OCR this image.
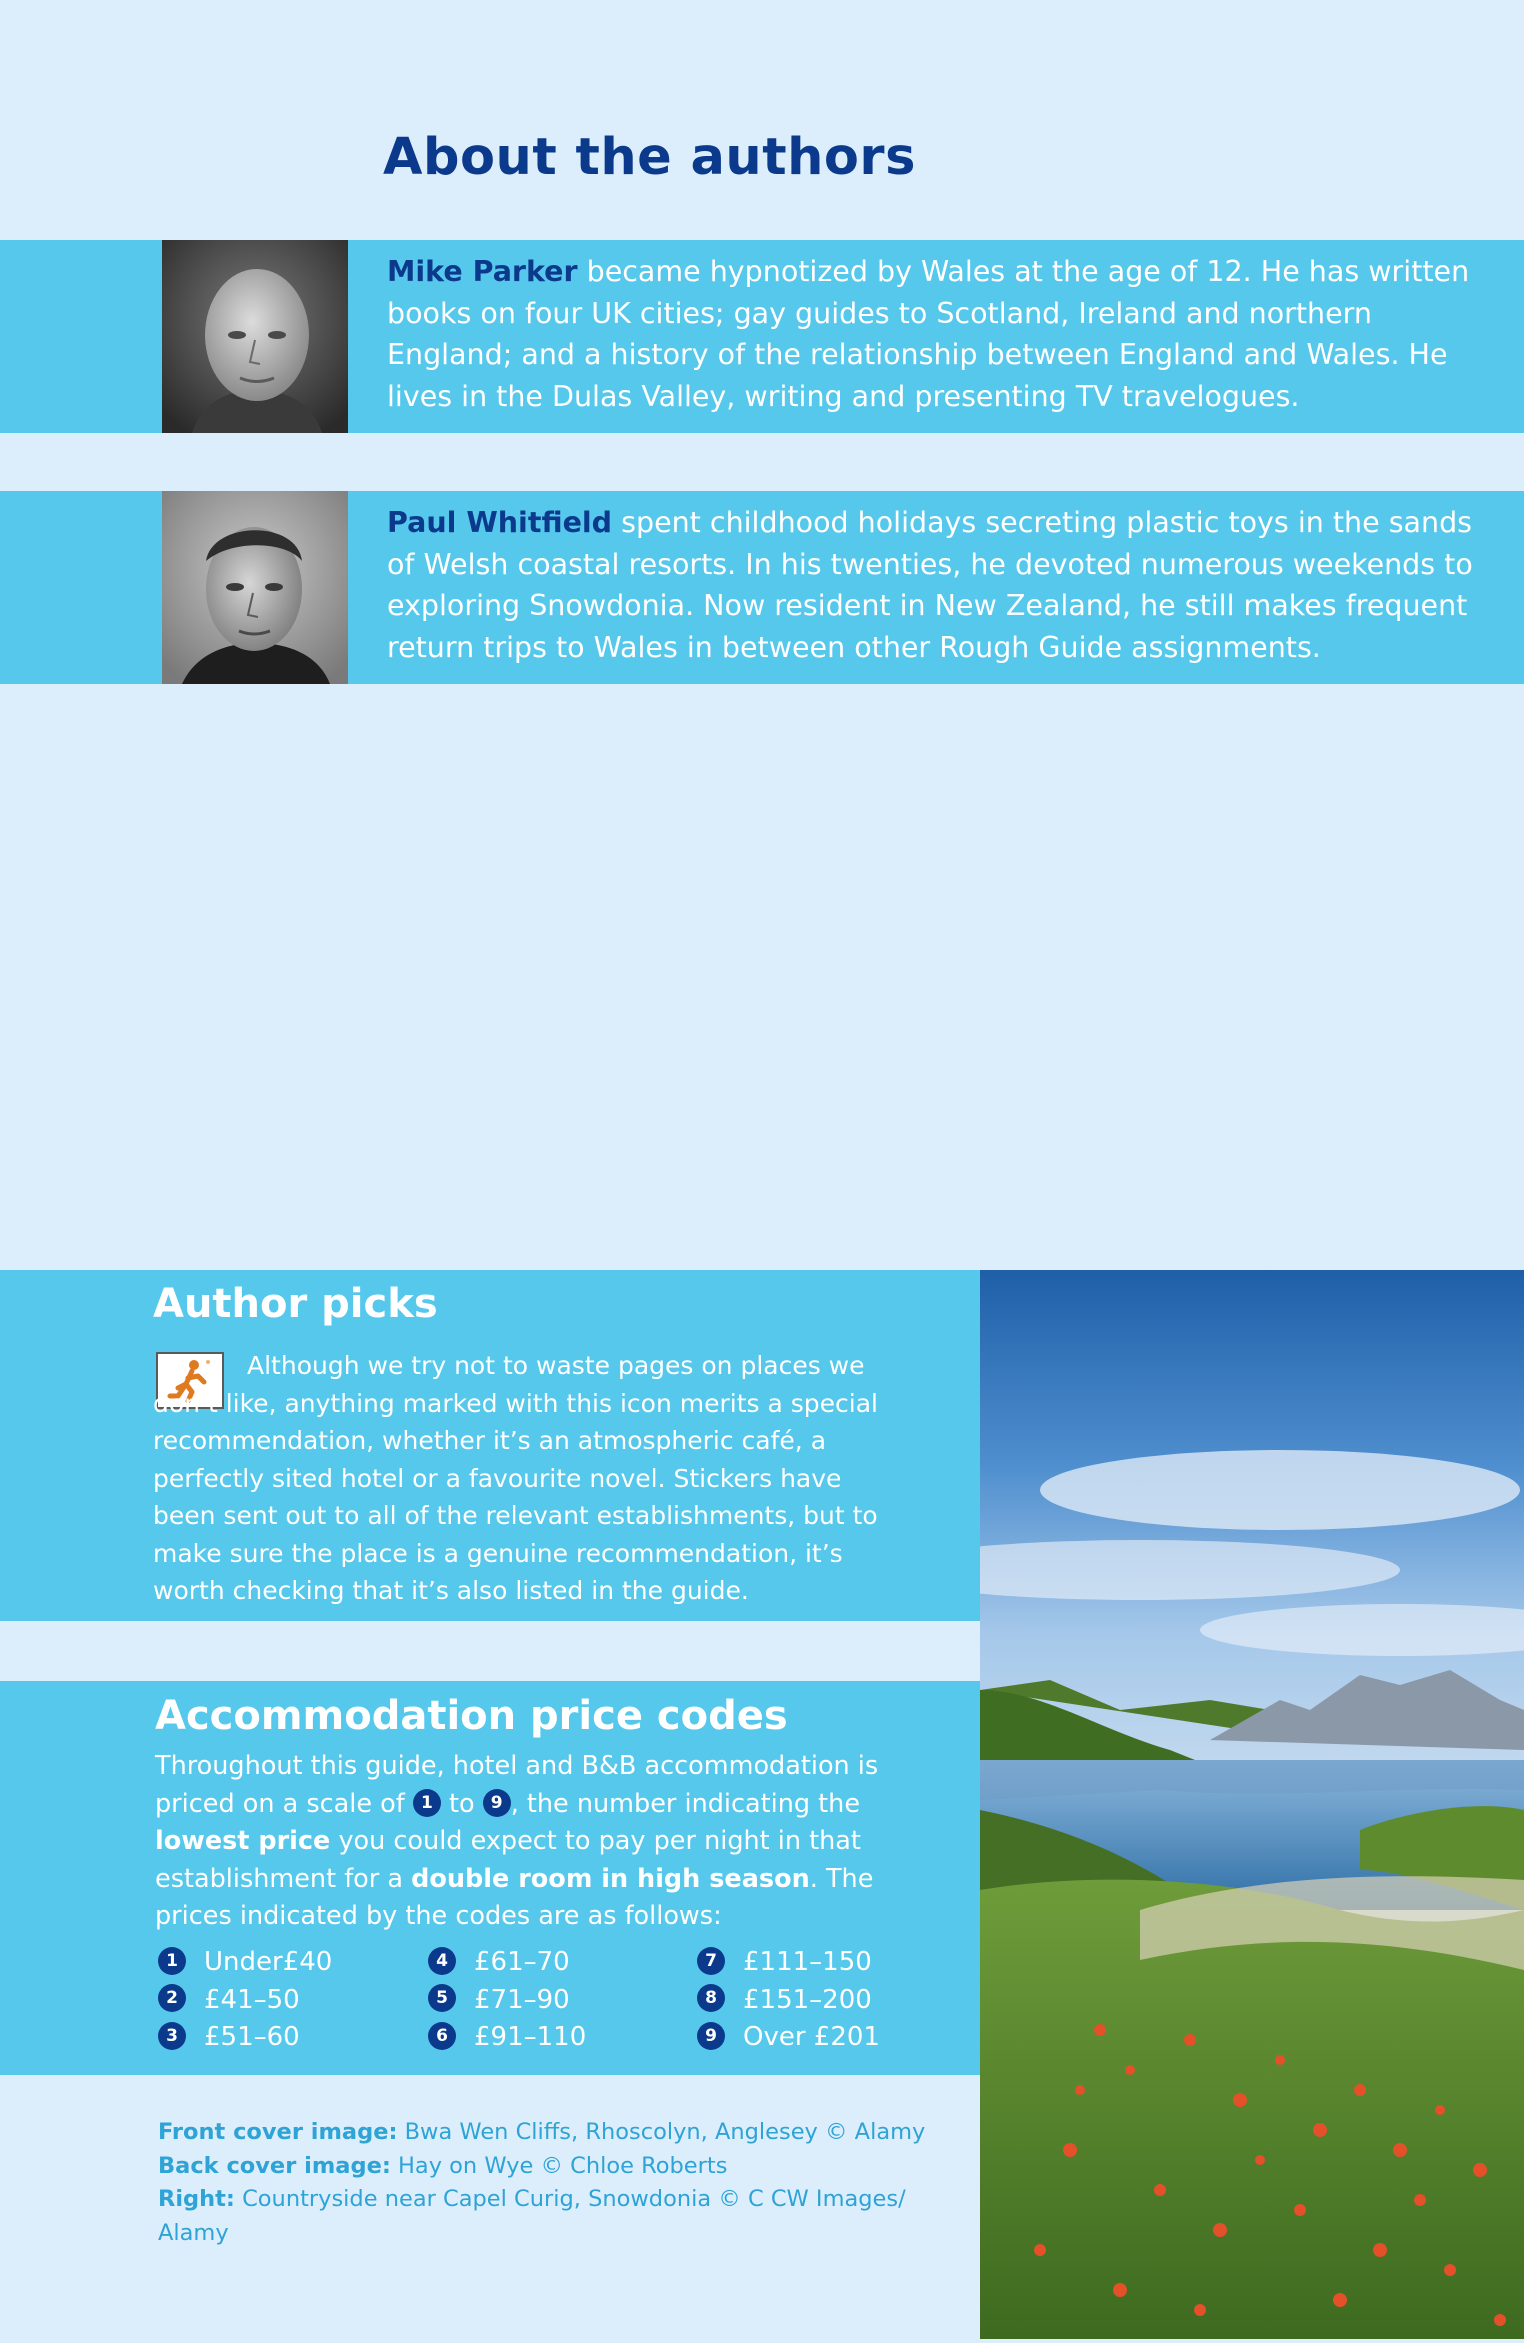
About the authors

Mike Parker became hypnotized by Wales at the age of 12. He has written books on four UK cities; gay guides to Scotland, Ireland and northern England; and a history of the relationship between England and Wales. He lives in the Dulas Valley, writing and presenting TV travelogues.

Paul Whitfield spent childhood holidays secreting plastic toys in the sands of Welsh coastal resorts. In his twenties, he devoted numerous weekends to exploring Snowdonia. Now resident in New Zealand, he still makes frequent return trips to Wales in between other Rough Guide assignments.

Author picks

Although we try not to waste pages on places we don’t like, anything marked with this icon merits a special recommendation, whether it’s an atmospheric café, a perfectly sited hotel or a favourite novel. Stickers have been sent out to all of the relevant establishments, but to make sure the place is a genuine recommendation, it’s worth checking that it’s also listed in the guide.

Accommodation price codes

Throughout this guide, hotel and B&B accommodation is priced on a scale of 1 to 9 , the number indicating the lowest price you could expect to pay per night in that establishment for a double room in high season. The prices indicated by the codes are as follows:

1 Under£40
2 £41–50
3 £51–60
4 £61–70
5 £71–90
6 £91–110
7 £111–150
8 £151–200
9 Over £201
Front cover image: Bwa Wen Cliffs, Rhoscolyn, Anglesey © Alamy
Back cover image: Hay on Wye © Chloe Roberts
Right: Countryside near Capel Curig, Snowdonia © C CW Images/ Alamy
